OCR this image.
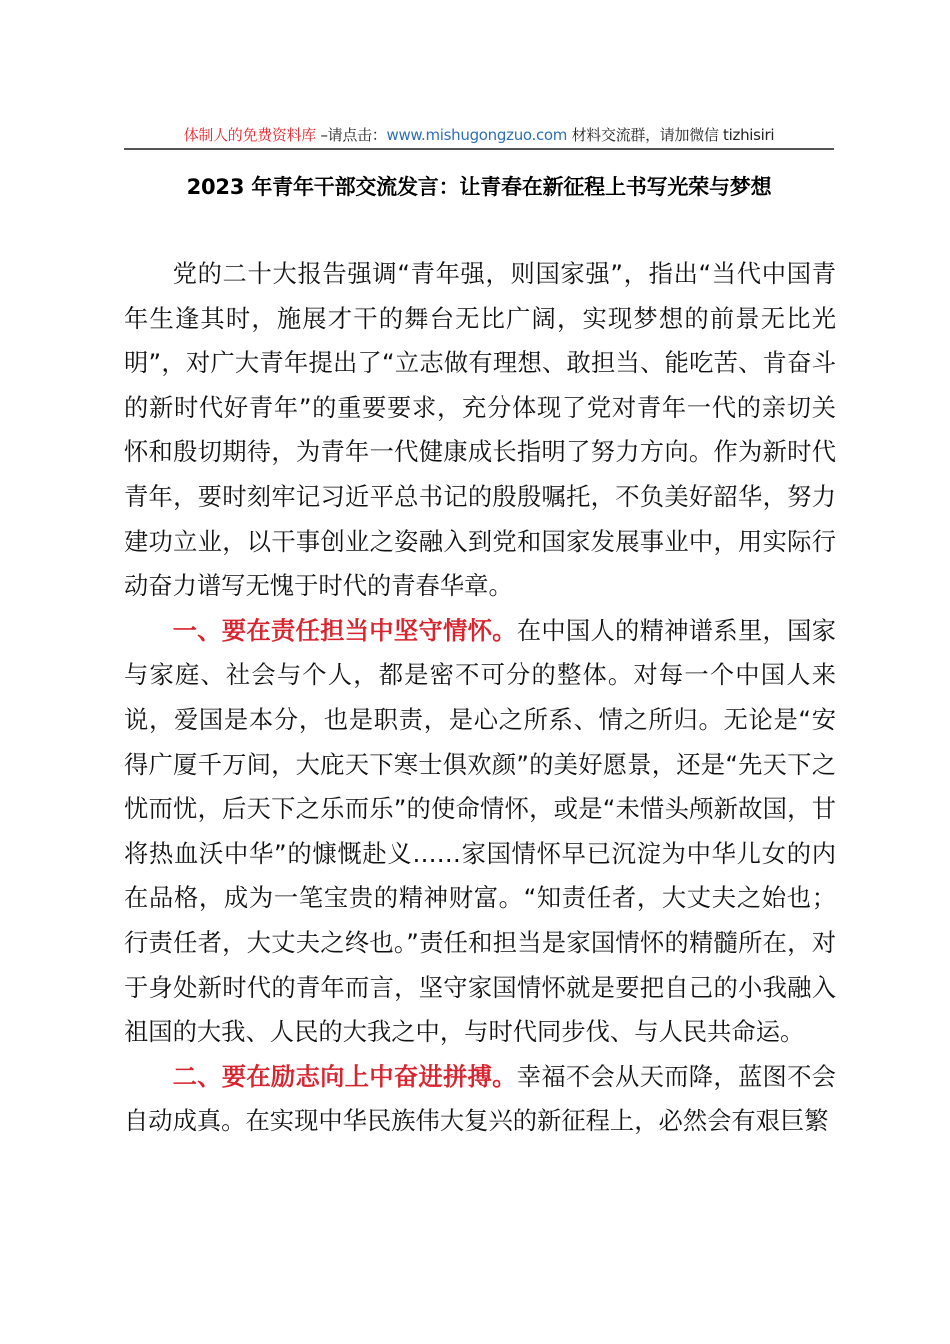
体制人的免费资料库 –请点击：www.mishugongzuo.com 材料交流群，请加微信 tizhisiri
2023 年青年干部交流发言：让青春在新征程上书写光荣与梦想

党的二十大报告强调“青年强，则国家强”，指出“当代中国青年生逢其时，施展才干的舞台无比广阔，实现梦想的前景无比光明”，对广大青年提出了“立志做有理想、敢担当、能吃苦、肯奋斗的新时代好青年”的重要要求，充分体现了党对青年一代的亲切关怀和殷切期待，为青年一代健康成长指明了努力方向。作为新时代青年，要时刻牢记习近平总书记的殷殷嘱托，不负美好韶华，努力建功立业，以干事创业之姿融入到党和国家发展事业中，用实际行动奋力谱写无愧于时代的青春华章。

一、要在责任担当中坚守情怀。在中国人的精神谱系里，国家与家庭、社会与个人，都是密不可分的整体。对每一个中国人来说，爱国是本分，也是职责，是心之所系、情之所归。无论是“安得广厦千万间，大庇天下寒士俱欢颜”的美好愿景，还是“先天下之忧而忧，后天下之乐而乐”的使命情怀，或是“未惜头颅新故国，甘将热血沃中华”的慷慨赴义……家国情怀早已沉淀为中华儿女的内在品格，成为一笔宝贵的精神财富。“知责任者，大丈夫之始也；行责任者，大丈夫之终也。”责任和担当是家国情怀的精髓所在，对于身处新时代的青年而言，坚守家国情怀就是要把自己的小我融入祖国的大我、人民的大我之中，与时代同步伐、与人民共命运。

二、要在励志向上中奋进拼搏。幸福不会从天而降，蓝图不会自动成真。在实现中华民族伟大复兴的新征程上，必然会有艰巨繁
